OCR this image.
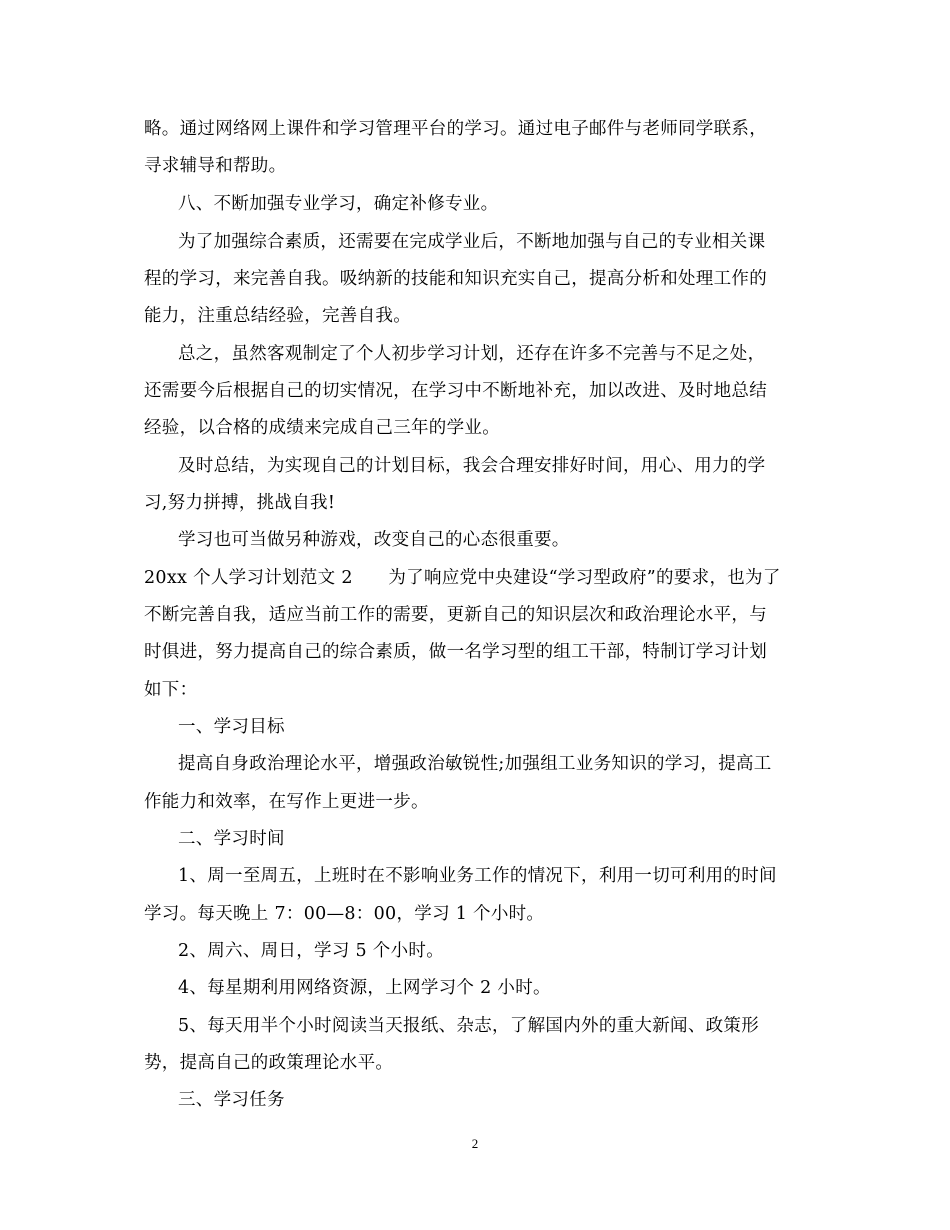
略。通过网络网上课件和学习管理平台的学习。通过电子邮件与老师同学联系，
寻求辅导和帮助。
八、不断加强专业学习，确定补修专业。
为了加强综合素质，还需要在完成学业后，不断地加强与自己的专业相关课
程的学习，来完善自我。吸纳新的技能和知识充实自己，提高分析和处理工作的
能力，注重总结经验，完善自我。
总之，虽然客观制定了个人初步学习计划，还存在许多不完善与不足之处，
还需要今后根据自己的切实情况，在学习中不断地补充，加以改进、及时地总结
经验，以合格的成绩来完成自己三年的学业。
及时总结，为实现自己的计划目标，我会合理安排好时间，用心、用力的学
习,努力拼搏，挑战自我!
学习也可当做另种游戏，改变自己的心态很重要。
20xx 个人学习计划范文 2　　为了响应党中央建设“学习型政府”的要求，也为了
不断完善自我，适应当前工作的需要，更新自己的知识层次和政治理论水平，与
时俱进，努力提高自己的综合素质，做一名学习型的组工干部，特制订学习计划
如下：
一、学习目标
提高自身政治理论水平，增强政治敏锐性;加强组工业务知识的学习，提高工
作能力和效率，在写作上更进一步。
二、学习时间
1、周一至周五，上班时在不影响业务工作的情况下，利用一切可利用的时间
学习。每天晚上 7：00—8：00，学习 1 个小时。
2、周六、周日，学习 5 个小时。
4、每星期利用网络资源，上网学习个 2 小时。
5、每天用半个小时阅读当天报纸、杂志，了解国内外的重大新闻、政策形
势，提高自己的政策理论水平。
三、学习任务
2
